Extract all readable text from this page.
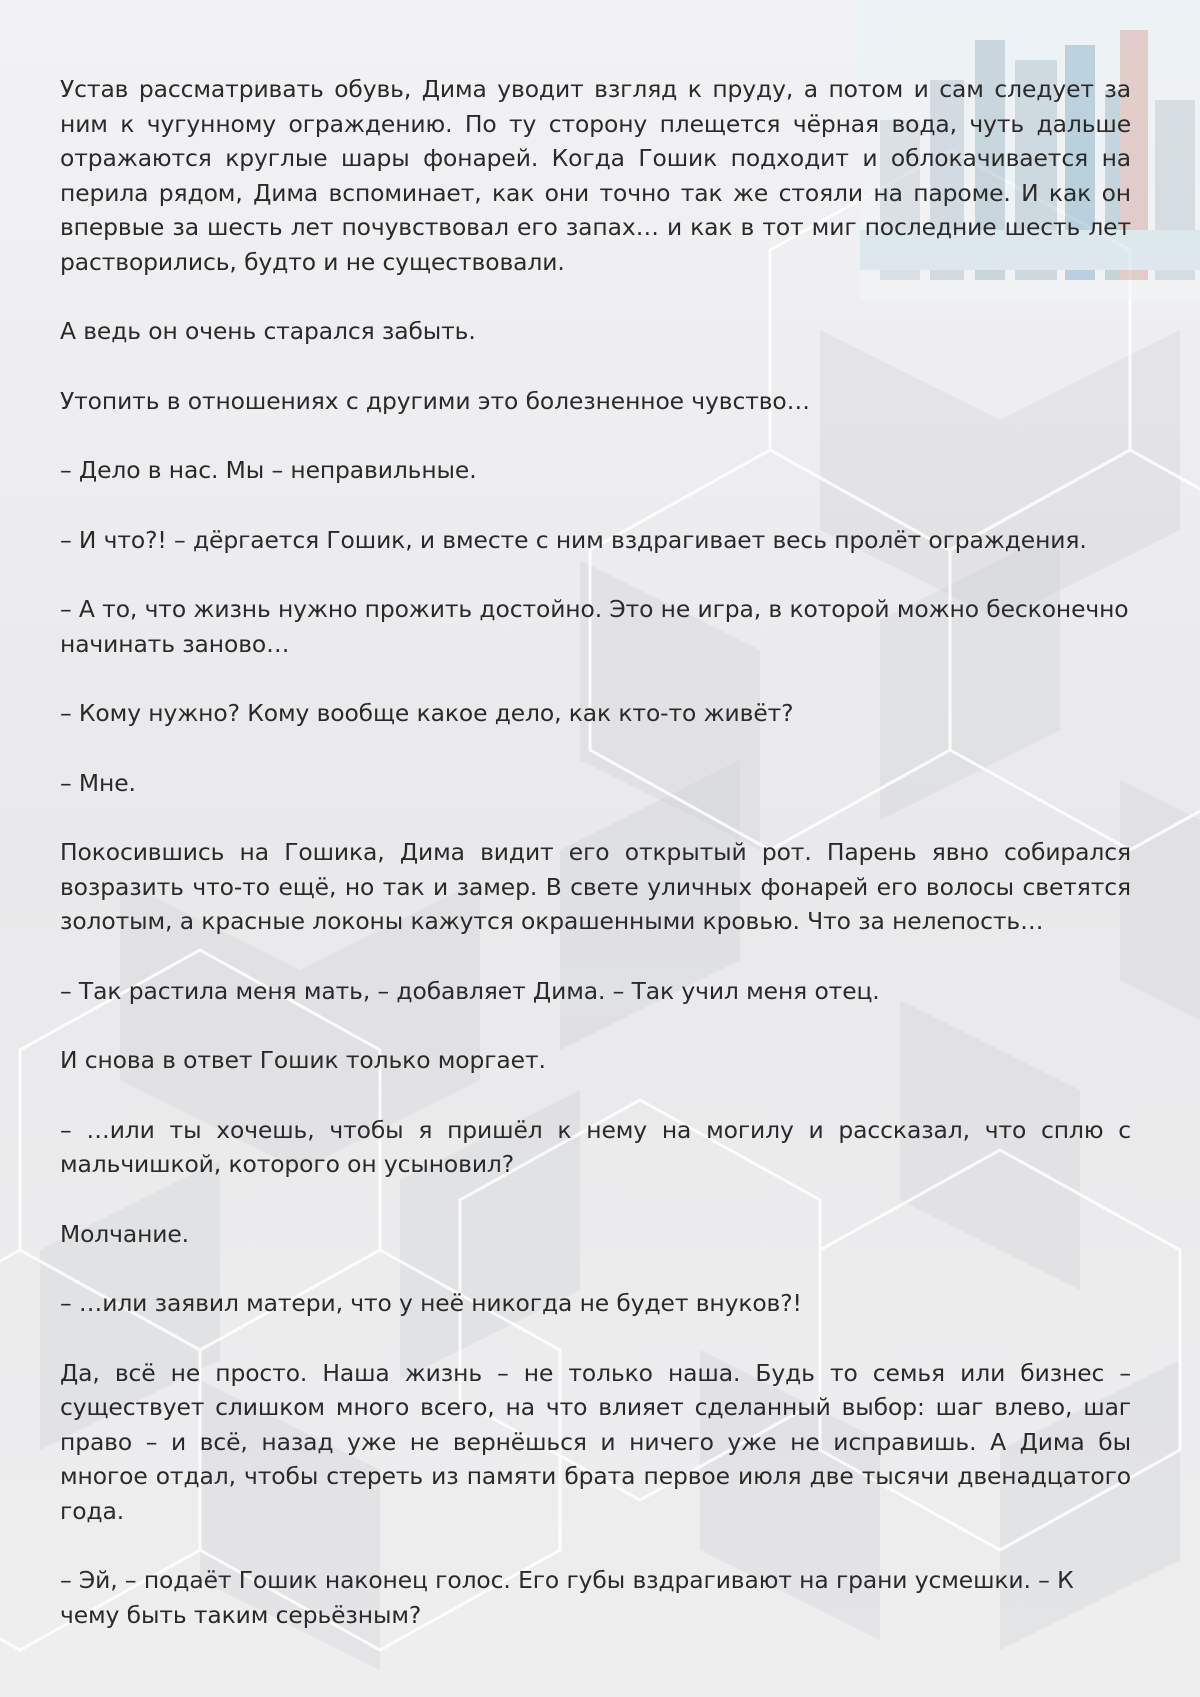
Устав рассматривать обувь, Дима уводит взгляд к пруду, а потом и сам следует за ним к чугунному ограждению. По ту сторону плещется чёрная вода, чуть дальше отражаются круглые шары фонарей. Когда Гошик подходит и облокачивается на перила рядом, Дима вспоминает, как они точно так же стояли на пароме. И как он впервые за шесть лет почувствовал его запах… и как в тот миг последние шесть лет растворились, будто и не существовали.

А ведь он очень старался забыть.

Утопить в отношениях с другими это болезненное чувство…

– Дело в нас. Мы – неправильные.

– И что?! – дёргается Гошик, и вместе с ним вздрагивает весь пролёт ограждения.

– А то, что жизнь нужно прожить достойно. Это не игра, в которой можно бесконечно начинать заново…

– Кому нужно? Кому вообще какое дело, как кто-то живёт?

– Мне.

Покосившись на Гошика, Дима видит его открытый рот. Парень явно собирался возразить что-то ещё, но так и замер. В свете уличных фонарей его волосы светятся золотым, а красные локоны кажутся окрашенными кровью. Что за нелепость…

– Так растила меня мать, – добавляет Дима. – Так учил меня отец.

И снова в ответ Гошик только моргает.

– …или ты хочешь, чтобы я пришёл к нему на могилу и рассказал, что сплю с мальчишкой, которого он усыновил?

Молчание.

– …или заявил матери, что у неё никогда не будет внуков?!

Да, всё не просто. Наша жизнь – не только наша. Будь то семья или бизнес – существует слишком много всего, на что влияет сделанный выбор: шаг влево, шаг право – и всё, назад уже не вернёшься и ничего уже не исправишь. А Дима бы многое отдал, чтобы стереть из памяти брата первое июля две тысячи двенадцатого года.

– Эй, – подаёт Гошик наконец голос. Его губы вздрагивают на грани усмешки. – К чему быть таким серьёзным?
